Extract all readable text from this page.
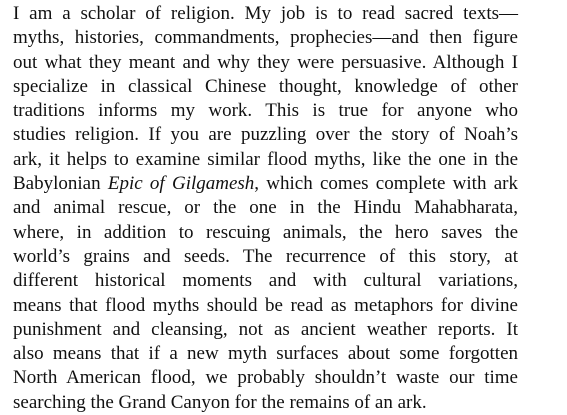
I am a scholar of religion. My job is to read sacred texts—
myths, histories, commandments, prophecies—and then figure
out what they meant and why they were persuasive. Although I
specialize in classical Chinese thought, knowledge of other
traditions informs my work. This is true for anyone who
studies religion. If you are puzzling over the story of Noah’s
ark, it helps to examine similar flood myths, like the one in the
Babylonian Epic of Gilgamesh, which comes complete with ark
and animal rescue, or the one in the Hindu Mahabharata,
where, in addition to rescuing animals, the hero saves the
world’s grains and seeds. The recurrence of this story, at
different historical moments and with cultural variations,
means that flood myths should be read as metaphors for divine
punishment and cleansing, not as ancient weather reports. It
also means that if a new myth surfaces about some forgotten
North American flood, we probably shouldn’t waste our time
searching the Grand Canyon for the remains of an ark.
